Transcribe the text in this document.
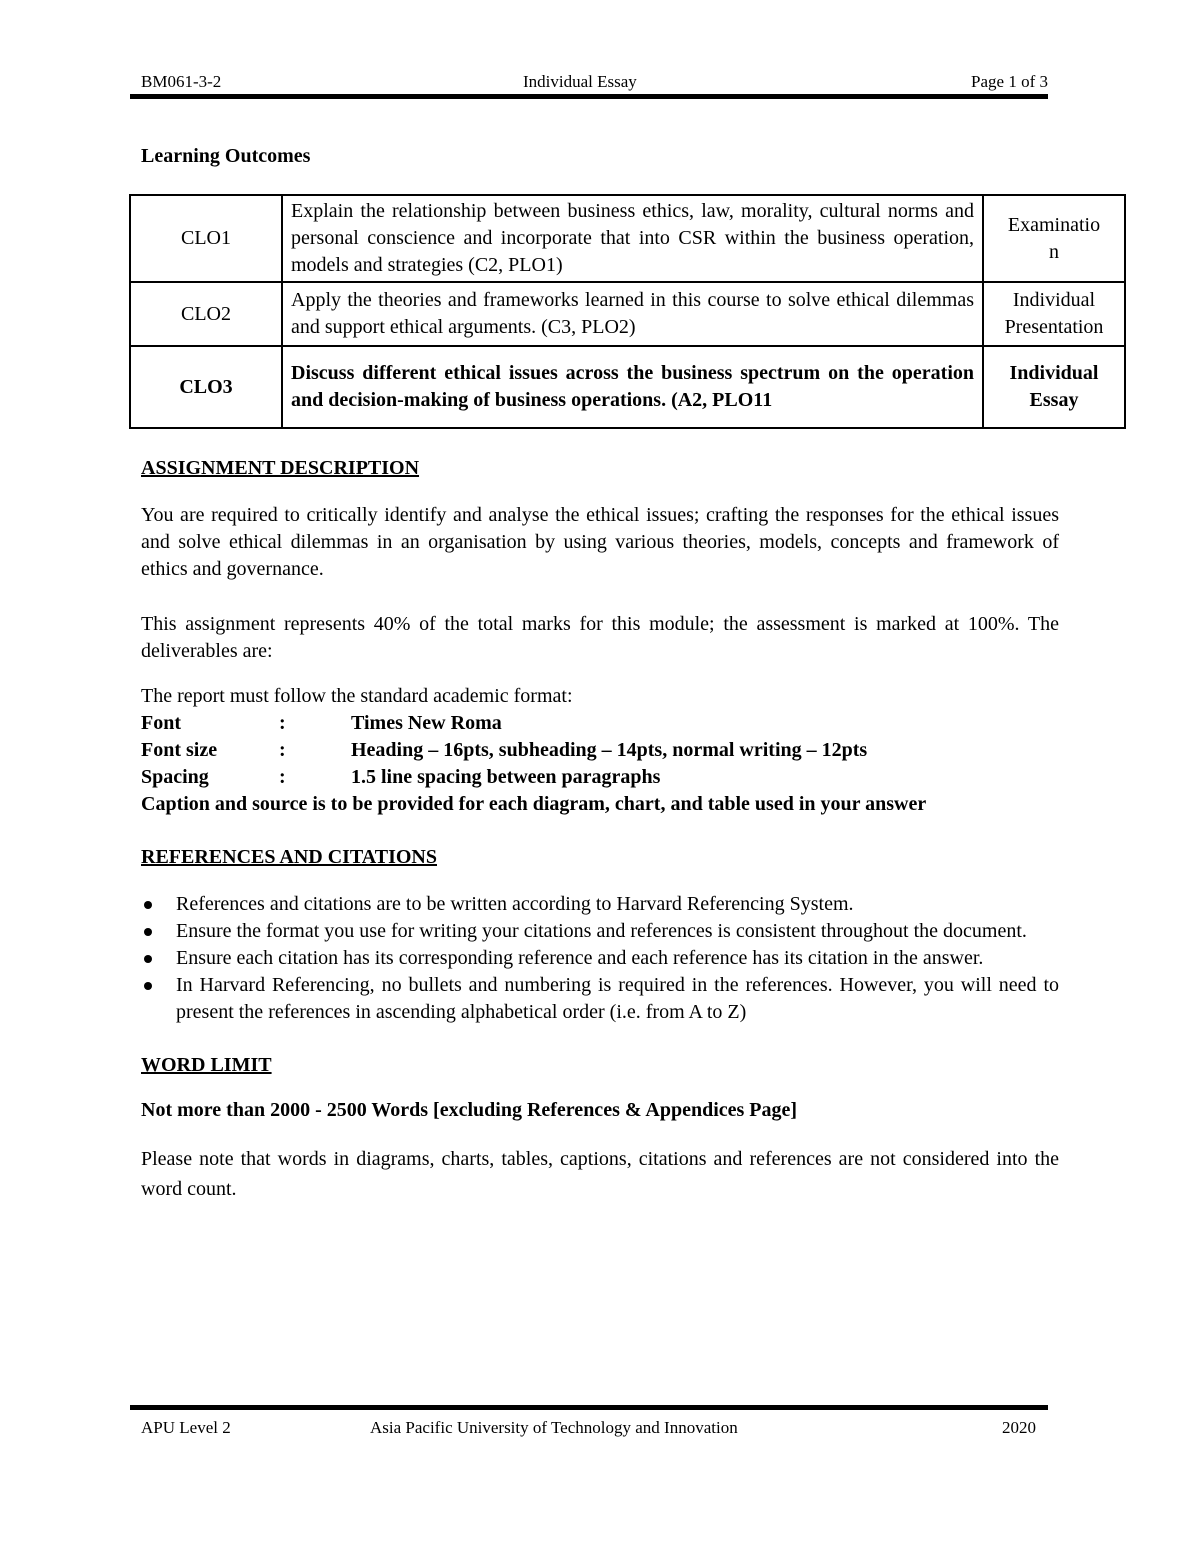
BM061-3-2	Individual Essay	Page 1 of 3
Learning Outcomes
CLO1	Explain the relationship between business ethics, law, morality, cultural norms and personal conscience and incorporate that into CSR within the business operation, models and strategies (C2, PLO1)	Examinatio
n

CLO2	Apply the theories and frameworks learned in this course to solve ethical dilemmas and support ethical arguments. (C3, PLO2)	Individual
Presentation

CLO3	Discuss different ethical issues across the business spectrum on the operation and decision-making of business operations. (A2, PLO11	Individual
Essay
ASSIGNMENT DESCRIPTION

You are required to critically identify and analyse the ethical issues; crafting the responses for the ethical issues and solve ethical dilemmas in an organisation by using various theories, models, concepts and framework of ethics and governance.

This assignment represents 40% of the total marks for this module; the assessment is marked at 100%. The deliverables are:

The report must follow the standard academic format:
Font	:	Times New Roma
Font size	:	Heading – 16pts, subheading – 14pts, normal writing – 12pts
Spacing	:	1.5 line spacing between paragraphs
Caption and source is to be provided for each diagram, chart, and table used in your answer
REFERENCES AND CITATIONS
References and citations are to be written according to Harvard Referencing System.
Ensure the format you use for writing your citations and references is consistent throughout the document.
Ensure each citation has its corresponding reference and each reference has its citation in the answer.
In Harvard Referencing, no bullets and numbering is required in the references. However, you will need to present the references in ascending alphabetical order (i.e. from A to Z)
WORD LIMIT
Not more than 2000 - 2500 Words [excluding References & Appendices Page]

Please note that words in diagrams, charts, tables, captions, citations and references are not considered into the word count.

APU Level 2	Asia Pacific University of Technology and Innovation	2020
